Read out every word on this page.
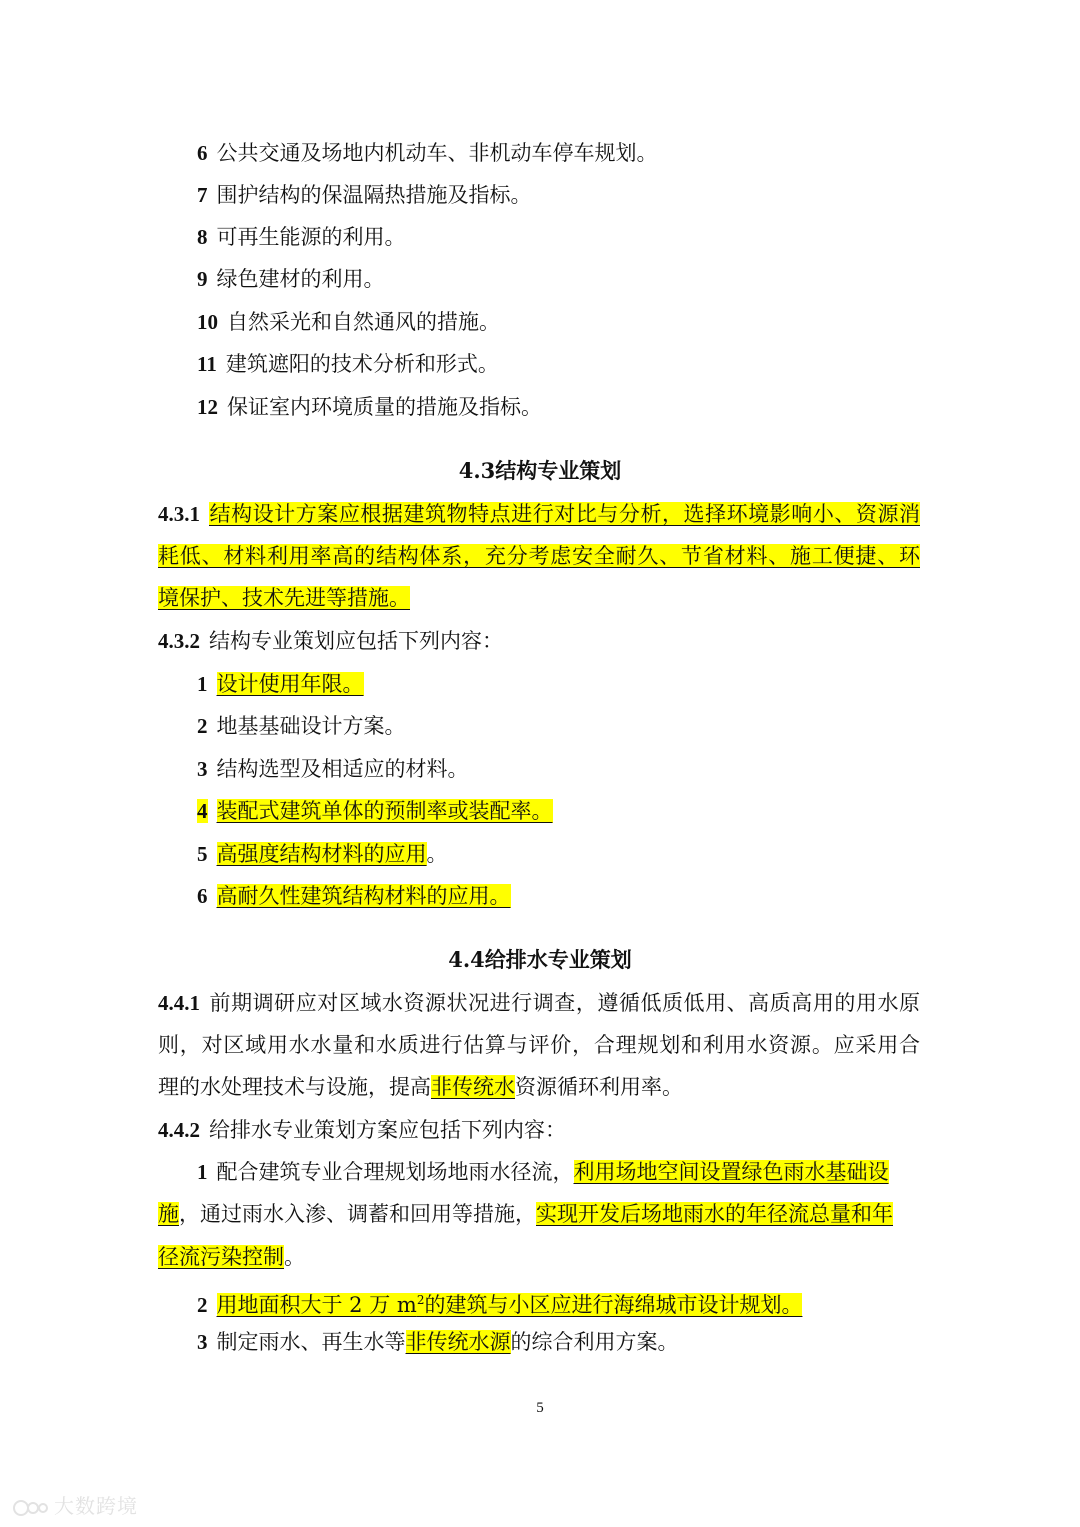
6 公共交通及场地内机动车、非机动车停车规划。
7 围护结构的保温隔热措施及指标。
8 可再生能源的利用。
9 绿色建材的利用。
10 自然采光和自然通风的措施。
11 建筑遮阳的技术分析和形式。
12 保证室内环境质量的措施及指标。
4.3结构专业策划
4.3.1 结构设计方案应根据建筑物特点进行对比与分析，选择环境影响小、资源消
耗低、材料利用率高的结构体系，充分考虑安全耐久、节省材料、施工便捷、环
境保护、技术先进等措施。
4.3.2 结构专业策划应包括下列内容：
1 设计使用年限。
2 地基基础设计方案。
3 结构选型及相适应的材料。
4 装配式建筑单体的预制率或装配率。
5 高强度结构材料的应用。
6 高耐久性建筑结构材料的应用。
4.4给排水专业策划
4.4.1 前期调研应对区域水资源状况进行调查，遵循低质低用、高质高用的用水原
则，对区域用水水量和水质进行估算与评价，合理规划和利用水资源。应采用合
理的水处理技术与设施，提高非传统水资源循环利用率。
4.4.2 给排水专业策划方案应包括下列内容：
1 配合建筑专业合理规划场地雨水径流，利用场地空间设置绿色雨水基础设
施，通过雨水入渗、调蓄和回用等措施，实现开发后场地雨水的年径流总量和年
径流污染控制。
2 用地面积大于 2 万 $m^2$的建筑与小区应进行海绵城市设计规划。
3 制定雨水、再生水等非传统水源的综合利用方案。
5
大数跨境
